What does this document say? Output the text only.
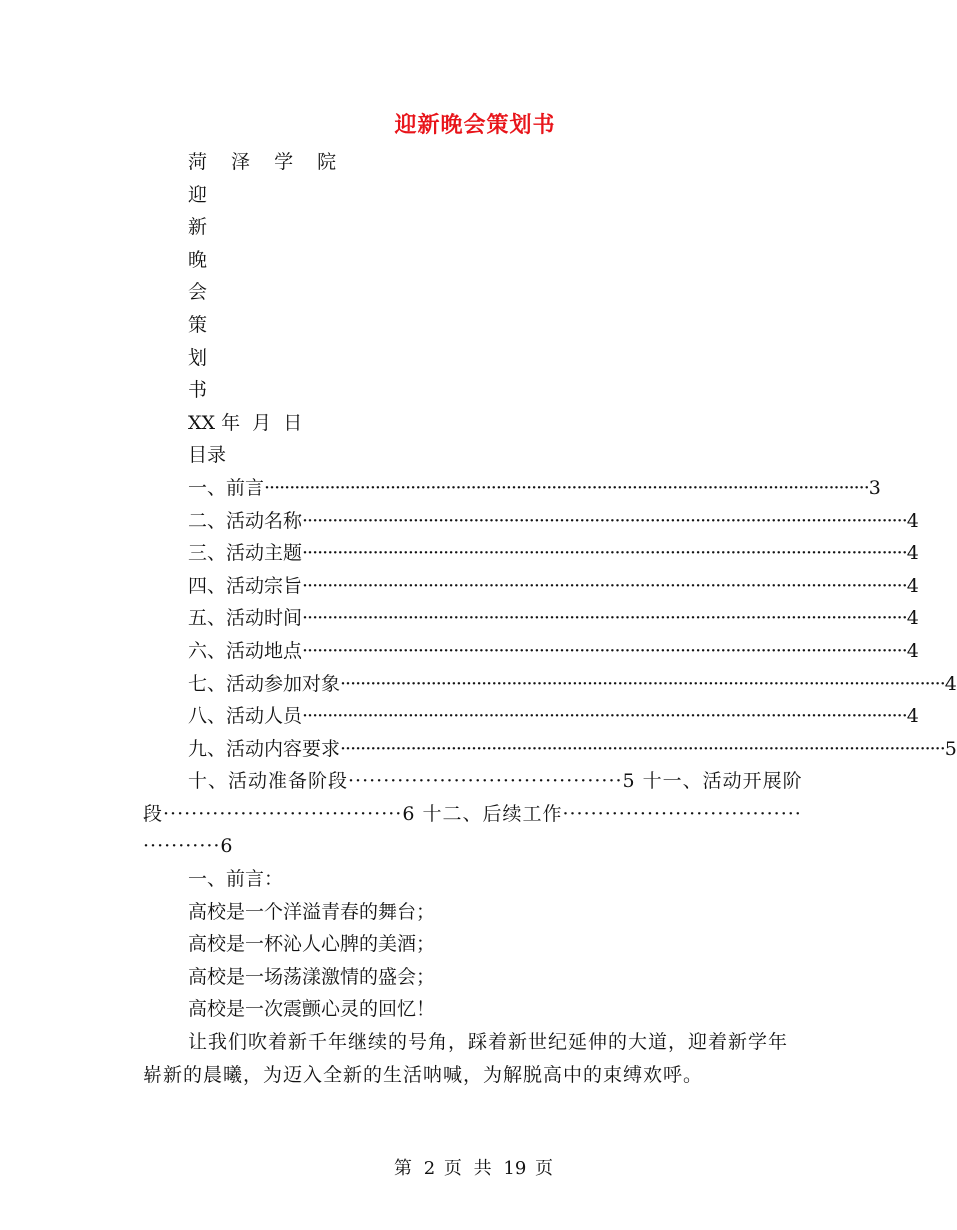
迎新晚会策划书
菏 泽 学 院
迎
新
晚
会
策
划
书
XX 年  月  日
目录
一、前言 ························································································································ 3
二、活动名称 ························································································································ 4
三、活动主题 ························································································································ 4
四、活动宗旨 ························································································································ 4
五、活动时间 ························································································································ 4
六、活动地点 ························································································································ 4
七、活动参加对象 ························································································································ 4
八、活动人员 ························································································································ 4
九、活动内容要求 ························································································································ 5
十、活动准备阶段·······································5 十一、活动开展阶段··································6 十二、后续工作·············································6
一、前言：
高校是一个洋溢青春的舞台；
高校是一杯沁人心脾的美酒；
高校是一场荡漾激情的盛会；
高校是一次震颤心灵的回忆！
让我们吹着新千年继续的号角，踩着新世纪延伸的大道，迎着新学年崭新的晨曦，为迈入全新的生活呐喊，为解脱高中的束缚欢呼。
第 2 页 共 19 页
